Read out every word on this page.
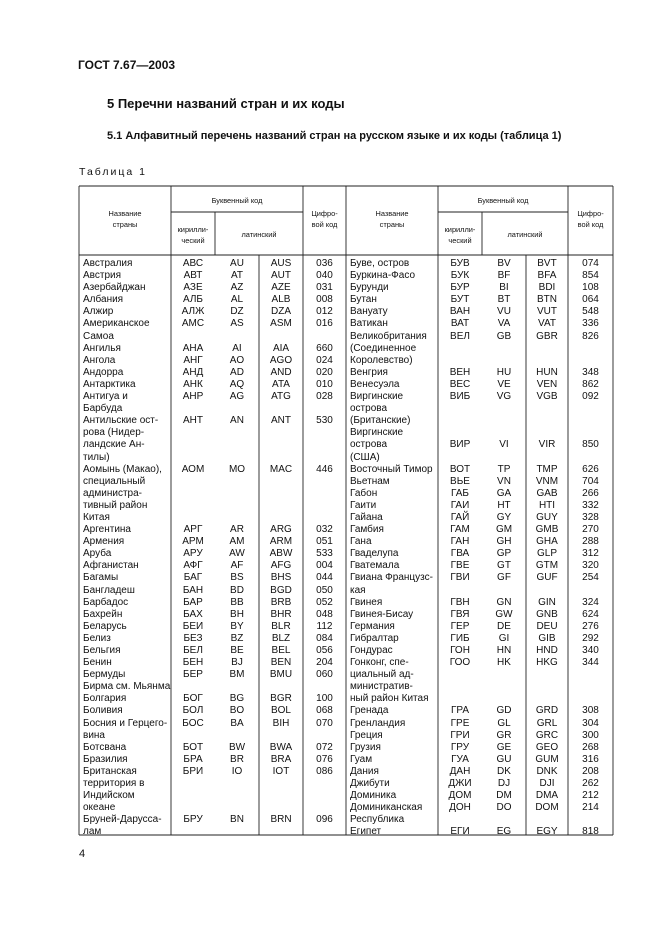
ГОСТ 7.67—2003
5 Перечни названий стран и их коды
5.1 Алфавитный перечень названий стран на русском языке и их коды (таблица 1)
Таблица 1
Название
страны
Буквенный код
кирилли-
ческий
латинский
Цифро-
вой код
Название
страны
Буквенный код
кирилли-
ческий
латинский
Цифро-
вой код
Австралия
Австрия
Азербайджан
Албания
Алжир
Американское
Самоа
Ангилья
Ангола
Андорра
Антарктика
Антигуа и
Барбуда
Антильские ост-
рова (Нидер-
ландские Ан-
тилы)
Аомынь (Макао),
специальный
администра-
тивный район
Китая
Аргентина
Армения
Аруба
Афганистан
Багамы
Бангладеш
Барбадос
Бахрейн
Беларусь
Белиз
Бельгия
Бенин
Бермуды
Бирма см. Мьянма
Болгария
Боливия
Босния и Герцего-
вина
Ботсвана
Бразилия
Британская
территория в
Индийском
океане
Бруней-Даруссa-
лам
АВС
АВТ
АЗЕ
АЛБ
АЛЖ
АМС
АНА
АНГ
АНД
АНК
АНР
АНТ
АОМ
АРГ
АРМ
АРУ
АФГ
БАГ
БАН
БАР
БАХ
БЕИ
БЕЗ
БЕЛ
БЕН
БЕР
БОГ
БОЛ
БОС
БОТ
БРА
БРИ
БРУ
AU
AT
AZ
AL
DZ
AS
AI
AO
AD
AQ
AG
AN
MO
AR
AM
AW
AF
BS
BD
BB
BH
BY
BZ
BE
BJ
BM
BG
BO
BA
BW
BR
IO
BN
AUS
AUT
AZE
ALB
DZA
ASM
AIA
AGO
AND
ATA
ATG
ANT
MAC
ARG
ARM
ABW
AFG
BHS
BGD
BRB
BHR
BLR
BLZ
BEL
BEN
BMU
BGR
BOL
BIH
BWA
BRA
IOT
BRN
036
040
031
008
012
016
660
024
020
010
028
530
446
032
051
533
004
044
050
052
048
112
084
056
204
060
100
068
070
072
076
086
096
Буве, остров
Буркина-Фасо
Бурунди
Бутан
Вануату
Ватикан
Великобритания
(Соединенное
Королевство)
Венгрия
Венесуэла
Виргинские
острова
(Британские)
Виргинские
острова
(США)
Восточный Тимор
Вьетнам
Габон
Гаити
Гайана
Гамбия
Гана
Гваделупа
Гватемала
Гвиана Французс-
кая
Гвинея
Гвинея-Бисау
Германия
Гибралтар
Гондурас
Гонконг, спе-
циальный ад-
министратив-
ный район Китая
Гренада
Гренландия
Греция
Грузия
Гуам
Дания
Джибути
Доминика
Доминиканская
Республика
Египет
БУВ
БУК
БУР
БУТ
ВАН
ВАТ
ВЕЛ
ВЕН
ВЕС
ВИБ
ВИР
ВОТ
ВЬЕ
ГАБ
ГАИ
ГАЙ
ГАМ
ГАН
ГВА
ГВЕ
ГВИ
ГВН
ГВЯ
ГЕР
ГИБ
ГОН
ГОО
ГРА
ГРЕ
ГРИ
ГРУ
ГУА
ДАН
ДЖИ
ДОМ
ДОН
ЕГИ
BV
BF
BI
BT
VU
VA
GB
HU
VE
VG
VI
TP
VN
GA
HT
GY
GM
GH
GP
GT
GF
GN
GW
DE
GI
HN
HK
GD
GL
GR
GE
GU
DK
DJ
DM
DO
EG
BVT
BFA
BDI
BTN
VUT
VAT
GBR
HUN
VEN
VGB
VIR
TMP
VNM
GAB
HTI
GUY
GMB
GHA
GLP
GTM
GUF
GIN
GNB
DEU
GIB
HND
HKG
GRD
GRL
GRC
GEO
GUM
DNK
DJI
DMA
DOM
EGY
074
854
108
064
548
336
826
348
862
092
850
626
704
266
332
328
270
288
312
320
254
324
624
276
292
340
344
308
304
300
268
316
208
262
212
214
818
4
